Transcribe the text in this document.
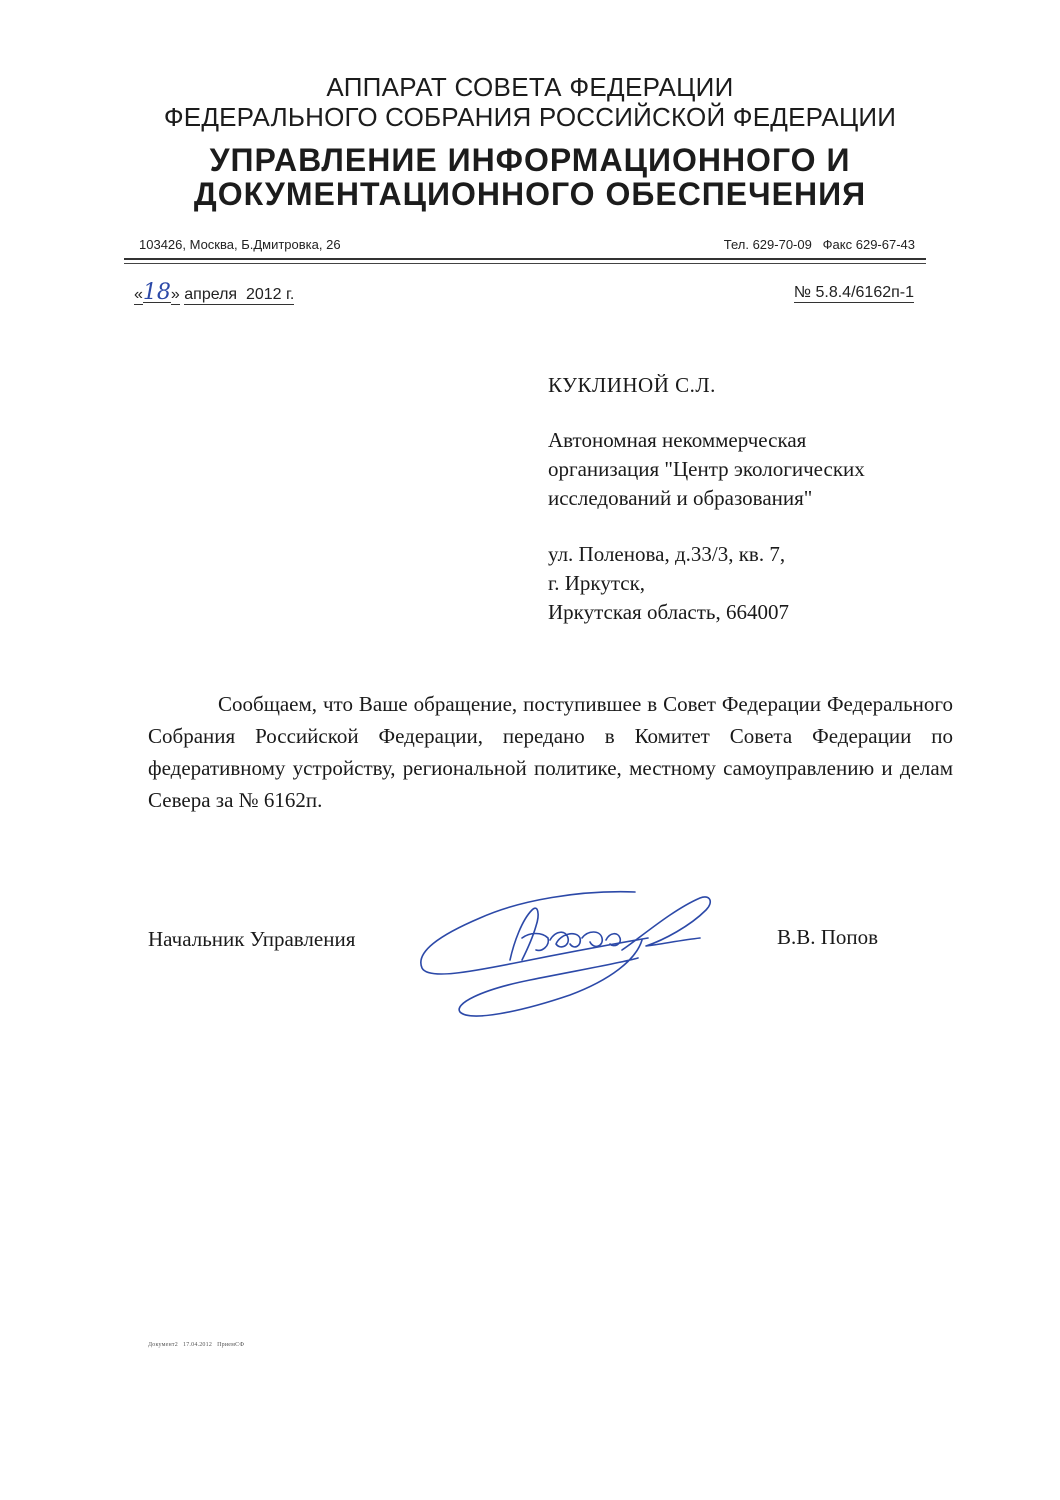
АППАРАТ СОВЕТА ФЕДЕРАЦИИ
ФЕДЕРАЛЬНОГО СОБРАНИЯ РОССИЙСКОЙ ФЕДЕРАЦИИ
УПРАВЛЕНИЕ ИНФОРМАЦИОННОГО И
ДОКУМЕНТАЦИОННОГО ОБЕСПЕЧЕНИЯ
103426, Москва, Б.Дмитровка, 26	Тел. 629-70-09   Факс 629-67-43
«18» апреля  2012 г.	№ 5.8.4/6162п-1
КУКЛИНОЙ С.Л.
Автономная некоммерческая
организация "Центр экологических
исследований и образования"
ул. Поленова, д.33/3, кв. 7,
г. Иркутск,
Иркутская область, 664007
Сообщаем, что Ваше обращение, поступившее в Совет Федерации Федерального Собрания Российской Федерации, передано в Комитет Совета Федерации по федеративному устройству, региональной политике, местному самоуправлению и делам Севера за № 6162п.
Начальник Управления	В.В. Попов
Документ2   17.04.2012   ПриемСФ
